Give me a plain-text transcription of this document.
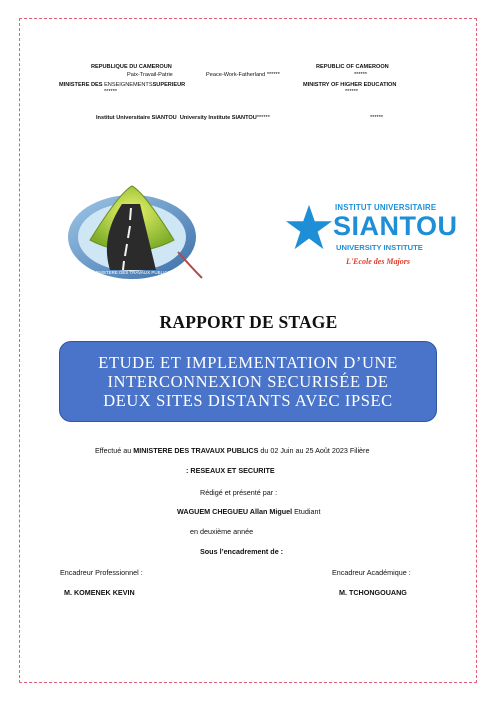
REPUBLIQUE DU CAMEROUN	REPUBLIC OF CAMEROON
Paix-Travail-Patrie	Peace-Work-Fatherland ******	******
MINISTERE DES ENSEIGNEMENTSSUPERIEUR	MINISTRY OF HIGHER EDUCATION
******	******
Institut Universitaire SIANTOU University Institute SIANTOU******	******
MINISTERE DES TRAVAUX PUBLICS
INSTITUT UNIVERSITAIRE
SIANTOU
UNIVERSITY INSTITUTE
L'Ecole des Majors
RAPPORT DE STAGE
ETUDE ET IMPLEMENTATION D’UNE
INTERCONNEXION SECURISÉE DE
DEUX SITES DISTANTS AVEC IPSEC
Effectué au MINISTERE DES TRAVAUX PUBLICS du 02 Juin au 25 Août 2023 Filière
: RESEAUX ET SECURITE
Rédigé et présenté par :
WAGUEM CHEGUEU Allan Miguel Etudiant
en deuxième année
Sous l’encadrement de :
Encadreur Professionnel :	Encadreur Académique :
M. KOMENEK KEVIN	M. TCHONGOUANG
